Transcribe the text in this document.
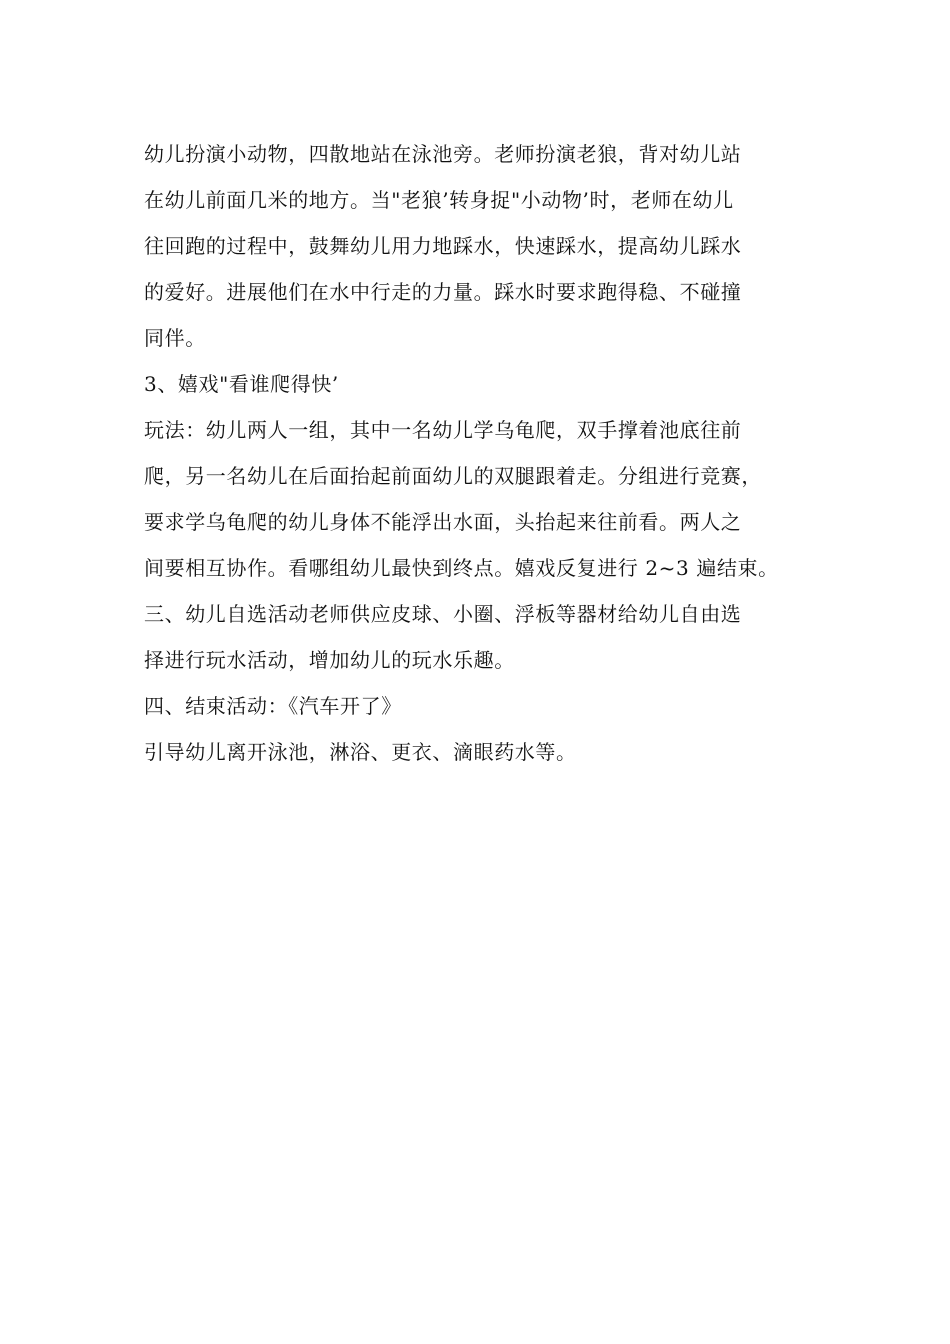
幼儿扮演小动物，四散地站在泳池旁。老师扮演老狼，背对幼儿站
在幼儿前面几米的地方。当"老狼’转身捉"小动物’时，老师在幼儿
往回跑的过程中，鼓舞幼儿用力地踩水，快速踩水，提高幼儿踩水
的爱好。进展他们在水中行走的力量。踩水时要求跑得稳、不碰撞
同伴。
3、嬉戏"看谁爬得快’
玩法：幼儿两人一组，其中一名幼儿学乌龟爬，双手撑着池底往前
爬，另一名幼儿在后面抬起前面幼儿的双腿跟着走。分组进行竞赛，
要求学乌龟爬的幼儿身体不能浮出水面，头抬起来往前看。两人之
间要相互协作。看哪组幼儿最快到终点。嬉戏反复进行 2~3 遍结束。
三、幼儿自选活动老师供应皮球、小圈、浮板等器材给幼儿自由选
择进行玩水活动，增加幼儿的玩水乐趣。
四、结束活动：《汽车开了》
引导幼儿离开泳池，淋浴、更衣、滴眼药水等。
